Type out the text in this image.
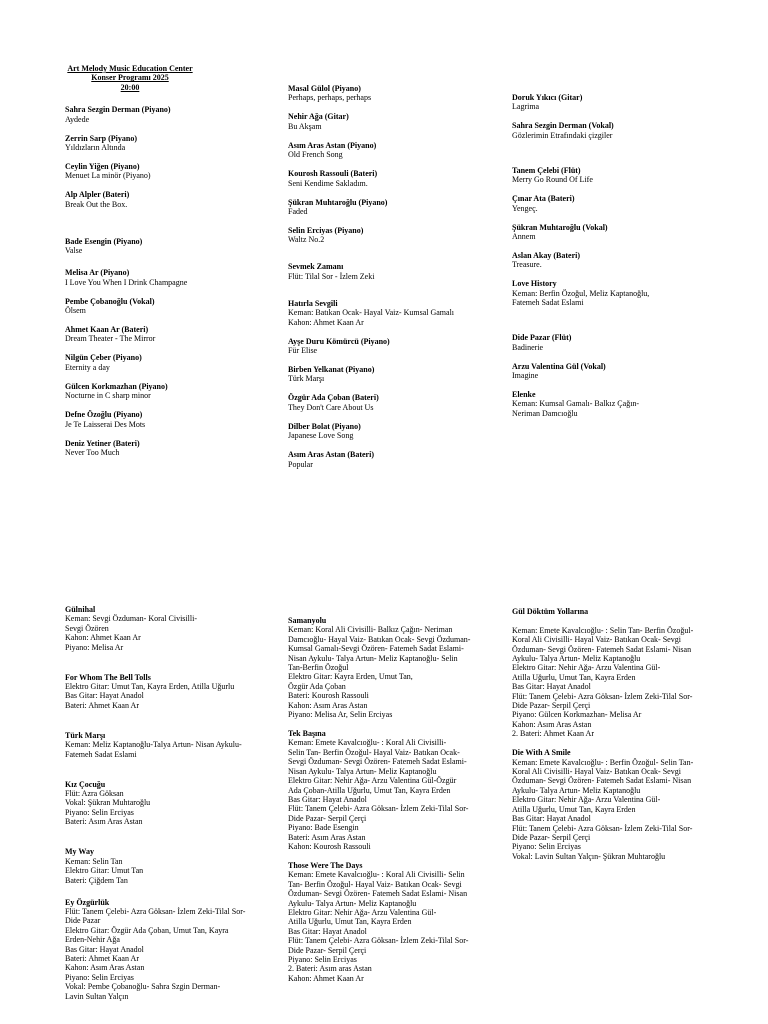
Art Melody Music Education Center
Konser Programı 2025
20:00
Sahra Sezgin Derman (Piyano)
Aydede
Zerrin Sarp (Piyano)
Yıldızların Altında
Ceylin Yiğen (Piyano)
Menuet La minör (Piyano)
Alp Alpler (Bateri)
Break Out the Box.
Bade Esengin (Piyano)
Valse
Melisa Ar (Piyano)
I Love You When I Drink Champagne
Pembe Çobanoğlu (Vokal)
Ölsem
Ahmet Kaan Ar (Bateri)
Dream Theater - The Mirror
Nilgün Çeber (Piyano)
Eternity a day
Gülcen Korkmazhan (Piyano)
Nocturne in C sharp minor
Defne Özoğlu (Piyano)
Je Te Laisserai Des Mots
Deniz Yetiner (Bateri)
Never Too Much
Masal Gülol (Piyano)
Perhaps, perhaps, perhaps
Nehir Ağa (Gitar)
Bu Akşam
Asım Aras Astan (Piyano)
Old French Song
Kourosh Rassouli (Bateri)
Seni Kendime Sakladım.
Şükran Muhtaroğlu (Piyano)
Faded
Selin Erciyas (Piyano)
Waltz No.2
Sevmek Zamanı
Flüt: Tilal Sor - İzlem Zeki
Hatırla Sevgili
Keman: Batıkan Ocak- Hayal Vaiz- Kumsal Gamalı
Kahon: Ahmet Kaan Ar
Ayşe Duru Kömürcü (Piyano)
Für Elise
Birben Yelkanat (Piyano)
Türk Marşı
Özgür Ada Çoban (Bateri)
They Don't Care About Us
Dilber Bolat (Piyano)
Japanese Love Song
Asım Aras Astan (Bateri)
Popular
Doruk Yıkıcı (Gitar)
Lagrima
Sahra Sezgin Derman (Vokal)
Gözlerimin Etrafındaki çizgiler
Tanem Çelebi (Flüt)
Merry Go Round Of Life
Çınar Ata (Bateri)
Yengeç.
Şükran Muhtaroğlu (Vokal)
Annem
Aslan Akay (Bateri)
Treasure.
Love History
Keman: Berfin Özoğul, Meliz Kaptanoğlu,
Fatemeh Sadat Eslami
Dide Pazar (Flüt)
Badinerie
Arzu Valentina Gül (Vokal)
Imagine
Elenke
Keman: Kumsal Gamalı- Balkız Çağın-
Neriman Damcıoğlu
Gülnihal
Keman: Sevgi Özduman- Koral Civisilli-
Sevgi Özören
Kahon: Ahmet Kaan Ar
Piyano: Melisa Ar
For Whom The Bell Tolls
Elektro Gitar: Umut Tan, Kayra Erden, Atilla Uğurlu
Bas Gitar: Hayat Anadol
Bateri: Ahmet Kaan Ar
Türk Marşı
Keman: Meliz Kaptanoğlu-Talya Artun- Nisan Aykulu-
Fatemeh Sadat Eslami
Kız Çocuğu
Flüt: Azra Göksan
Vokal: Şükran Muhtaroğlu
Piyano: Selin Erciyas
Bateri: Asım Aras Astan
My Way
Keman: Selin Tan
Elektro Gitar: Umut Tan
Bateri: Çiğdem Tan
Ey Özgürlük
Flüt: Tanem Çelebi- Azra Göksan- İzlem Zeki-Tilal Sor-
Dide Pazar
Elektro Gitar: Özgür Ada Çoban, Umut Tan, Kayra
Erden-Nehir Ağa
Bas Gitar: Hayat Anadol
Bateri: Ahmet Kaan Ar
Kahon: Asım Aras Astan
Piyano: Selin Erciyas
Vokal: Pembe Çobanoğlu- Sahra Szgin Derman-
Lavin Sultan Yalçın
Samanyolu
Keman: Koral Ali Civisilli- Balkız Çağın- Neriman
Damcıoğlu- Hayal Vaiz- Batıkan Ocak- Sevgi Özduman-
Kumsal Gamalı-Sevgi Özören- Fatemeh Sadat Eslami-
Nisan Aykulu- Talya Artun- Meliz Kaptanoğlu- Selin
Tan-Berfin Özoğul
Elektro Gitar: Kayra Erden, Umut Tan,
Özgür Ada Çoban
Bateri: Kourosh Rassouli
Kahon: Asım Aras Astan
Piyano: Melisa Ar, Selin Erciyas
Tek Başına
Keman: Emete Kavalcıoğlu- : Koral Ali Civisilli-
Selin Tan- Berfin Özoğul- Hayal Vaiz- Batıkan Ocak-
Sevgi Özduman- Sevgi Özören- Fatemeh Sadat Eslami-
Nisan Aykulu- Talya Artun- Meliz Kaptanoğlu
Elektro Gitar: Nehir Ağa- Arzu Valentina Gül-Özgür
Ada Çoban-Atilla Uğurlu, Umut Tan, Kayra Erden
Bas Gitar: Hayat Anadol
Flüt: Tanem Çelebi- Azra Göksan- İzlem Zeki-Tilal Sor-
Dide Pazar- Serpil Çerçi
Piyano: Bade Esengin
Bateri: Asım Aras Astan
Kahon: Kourosh Rassouli
Those Were The Days
Keman: Emete Kavalcıoğlu- : Koral Ali Civisilli- Selin
Tan- Berfin Özoğul- Hayal Vaiz- Batıkan Ocak- Sevgi
Özduman- Sevgi Özören- Fatemeh Sadat Eslami- Nisan
Aykulu- Talya Artun- Meliz Kaptanoğlu
Elektro Gitar: Nehir Ağa- Arzu Valentina Gül-
Atilla Uğurlu, Umut Tan, Kayra Erden
Bas Gitar: Hayat Anadol
Flüt: Tanem Çelebi- Azra Göksan- İzlem Zeki-Tilal Sor-
Dide Pazar- Serpil Çerçi
Piyano: Selin Erciyas
2. Bateri: Asım aras Astan
Kahon: Ahmet Kaan Ar
Gül Döktüm Yollarına
Keman: Emete Kavalcıoğlu- : Selin Tan- Berfin Özoğul-
Koral Ali Civisilli- Hayal Vaiz- Batıkan Ocak- Sevgi
Özduman- Sevgi Özören- Fatemeh Sadat Eslami- Nisan
Aykulu- Talya Artun- Meliz Kaptanoğlu
Elektro Gitar: Nehir Ağa- Arzu Valentina Gül-
Atilla Uğurlu, Umut Tan, Kayra Erden
Bas Gitar: Hayat Anadol
Flüt: Tanem Çelebi- Azra Göksan- İzlem Zeki-Tilal Sor-
Dide Pazar- Serpil Çerçi
Piyano: Gülcen Korkmazhan- Melisa Ar
Kahon: Asım Aras Astan
2. Bateri: Ahmet Kaan Ar
Die With A Smile
Keman: Emete Kavalcıoğlu- : Berfin Özoğul- Selin Tan-
Koral Ali Civisilli- Hayal Vaiz- Batıkan Ocak- Sevgi
Özduman- Sevgi Özören- Fatemeh Sadat Eslami- Nisan
Aykulu- Talya Artun- Meliz Kaptanoğlu
Elektro Gitar: Nehir Ağa- Arzu Valentina Gül-
Atilla Uğurlu, Umut Tan, Kayra Erden
Bas Gitar: Hayat Anadol
Flüt: Tanem Çelebi- Azra Göksan- İzlem Zeki-Tilal Sor-
Dide Pazar- Serpil Çerçi
Piyano: Selin Erciyas
Vokal: Lavin Sultan Yalçın- Şükran Muhtaroğlu
